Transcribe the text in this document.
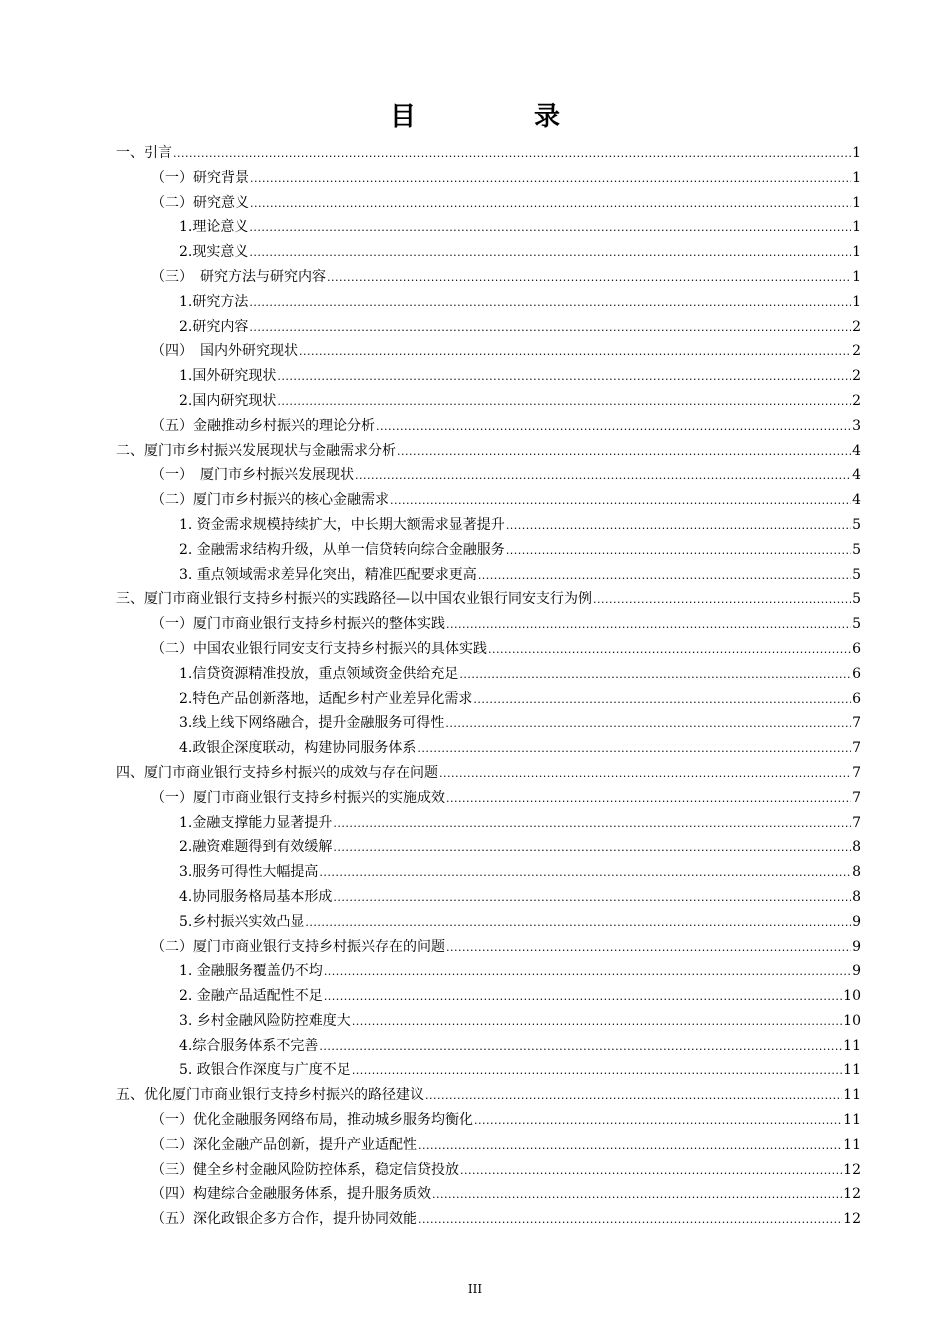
目　录
一、引言 .....	1
（一）研究背景 .....	1
（二）研究意义 .....	1
1.理论意义 .....	1
2.现实意义 .....	1
（三）　研究方法与研究内容 .....	1
1.研究方法 .....	1
2.研究内容 .....	2
（四）　国内外研究现状 .....	2
1.国外研究现状 .....	2
2.国内研究现状 .....	2
（五）金融推动乡村振兴的理论分析 .....	3
二、厦门市乡村振兴发展现状与金融需求分析 .....	4
（一）　厦门市乡村振兴发展现状 .....	4
（二）厦门市乡村振兴的核心金融需求 .....	4
1. 资金需求规模持续扩大，中长期大额需求显著提升 .....	5
2. 金融需求结构升级，从单一信贷转向综合金融服务 .....	5
3. 重点领域需求差异化突出，精准匹配要求更高 .....	5
三、厦门市商业银行支持乡村振兴的实践路径—以中国农业银行同安支行为例 .....	5
（一）厦门市商业银行支持乡村振兴的整体实践 .....	5
（二）中国农业银行同安支行支持乡村振兴的具体实践 .....	6
1.信贷资源精准投放，重点领域资金供给充足 .....	6
2.特色产品创新落地，适配乡村产业差异化需求 .....	6
3.线上线下网络融合，提升金融服务可得性 .....	7
4.政银企深度联动，构建协同服务体系 .....	7
四、厦门市商业银行支持乡村振兴的成效与存在问题 .....	7
（一）厦门市商业银行支持乡村振兴的实施成效 .....	7
1.金融支撑能力显著提升 .....	7
2.融资难题得到有效缓解 .....	8
3.服务可得性大幅提高 .....	8
4.协同服务格局基本形成 .....	8
5.乡村振兴实效凸显 .....	9
（二）厦门市商业银行支持乡村振兴存在的问题 .....	9
1. 金融服务覆盖仍不均 .....	9
2. 金融产品适配性不足 .....	10
3. 乡村金融风险防控难度大 .....	10
4.综合服务体系不完善 .....	11
5. 政银合作深度与广度不足 .....	11
五、优化厦门市商业银行支持乡村振兴的路径建议 .....	11
（一）优化金融服务网络布局，推动城乡服务均衡化 .....	11
（二）深化金融产品创新，提升产业适配性 .....	11
（三）健全乡村金融风险防控体系，稳定信贷投放 .....	12
（四）构建综合金融服务体系，提升服务质效 .....	12
（五）深化政银企多方合作，提升协同效能 .....	12
III
